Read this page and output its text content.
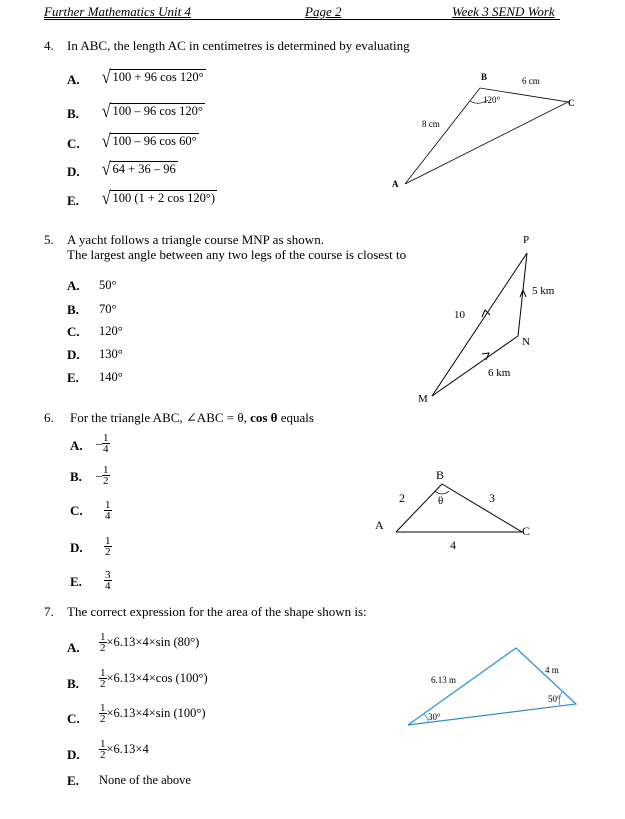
Further Mathematics Unit 4	Page 2	Week 3 SEND Work
4. In ABC, the length AC in centimetres is determined by evaluating
A. √ 100 + 96 cos 120°
B. √ 100 – 96 cos 120°
C. √ 100 – 96 cos 60°
D. √ 64 + 36 – 96
E. √ 100 (1 + 2 cos 120°)
A
B
C
8 cm
6 cm
120°
5. A yacht follows a triangle course MNP as shown.
The largest angle between any two legs of the course is closest to
A. 50°
B. 70°
C. 120°
D. 130°
E. 140°
M
P
N
10
5 km
6 km
6. For the triangle ABC, ∠ABC = θ, cos θ equals
A. – $\frac{1}{4}$
B. – $\frac{1}{2}$
C. $\frac{1}{4}$
D. $\frac{1}{2}$
E. $\frac{3}{4}$
B
A	C
2	3
4
θ
7. The correct expression for the area of the shape shown is:
A. $\frac{1}{2} \times 6.13\times 4\times\sin$ (80°)
B. $\frac{1}{2} \times 6.13\times 4\times\cos$ (100°)
C. $\frac{1}{2} \times 6.13\times 4\times\sin$ (100°)
D. $\frac{1}{2} \times 6.13\times 4$
E. None of the above
6.13 m
4 m
30°
50°
